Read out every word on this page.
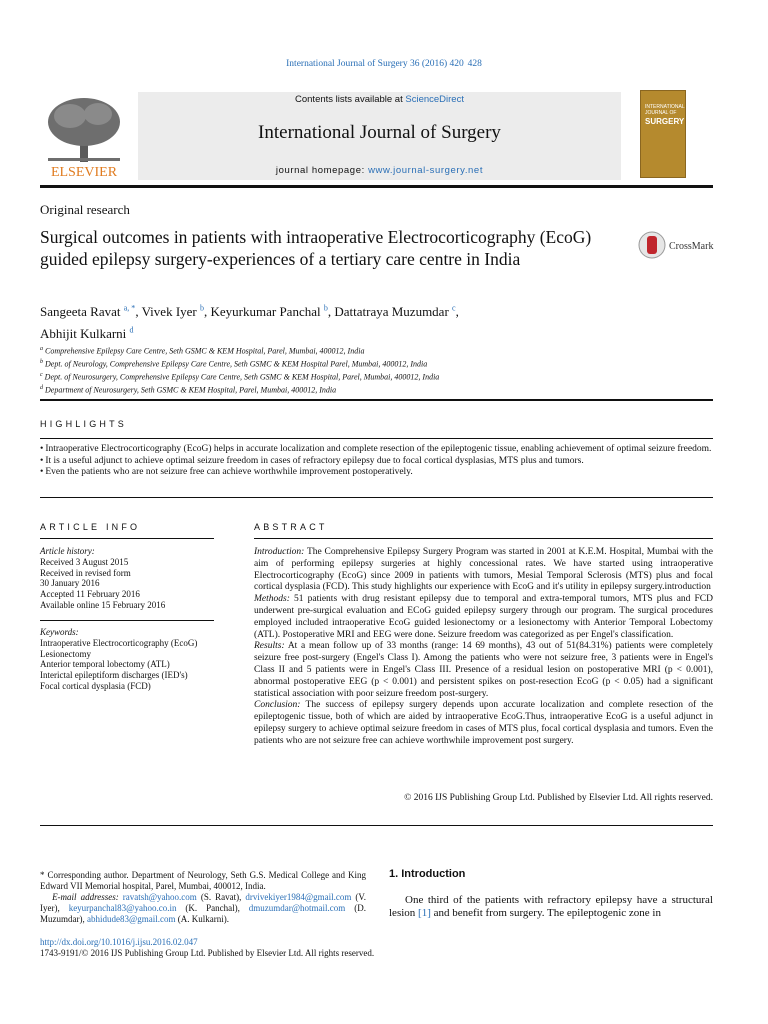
International Journal of Surgery 36 (2016) 420  428
ELSEVIER
Contents lists available at ScienceDirect
International Journal of Surgery
journal homepage: www.journal-surgery.net
INTERNATIONAL JOURNAL OF
SURGERY
Original research
Surgical outcomes in patients with intraoperative Electrocorticography (EcoG) guided epilepsy surgery-experiences of a tertiary care centre in India
CrossMark
Sangeeta Ravat $^{a, *}$, Vivek Iyer $^b$, Keyurkumar Panchal $^b$, Dattatraya Muzumdar $^c$,
Abhijit Kulkarni $^d$
$^a$ Comprehensive Epilepsy Care Centre, Seth GSMC & KEM Hospital, Parel, Mumbai, 400012, India
$^b$ Dept. of Neurology, Comprehensive Epilepsy Care Centre, Seth GSMC & KEM Hospital Parel, Mumbai, 400012, India
$^c$ Dept. of Neurosurgery, Comprehensive Epilepsy Care Centre, Seth GSMC & KEM Hospital, Parel, Mumbai, 400012, India
$^d$ Department of Neurosurgery, Seth GSMC & KEM Hospital, Parel, Mumbai, 400012, India
HIGHLIGHTS
• Intraoperative Electrocorticography (EcoG) helps in accurate localization and complete resection of the epileptogenic tissue, enabling achievement of optimal seizure freedom.
• It is a useful adjunct to achieve optimal seizure freedom in cases of refractory epilepsy due to focal cortical dysplasias, MTS plus and tumors.
• Even the patients who are not seizure free can achieve worthwhile improvement postoperatively.
ARTICLE INFO
Article history:
Received 3 August 2015
Received in revised form
30 January 2016
Accepted 11 February 2016
Available online 15 February 2016
Keywords:
Intraoperative Electrocorticography (EcoG)
Lesionectomy
Anterior temporal lobectomy (ATL)
Interictal epileptiform discharges (IED's)
Focal cortical dysplasia (FCD)
ABSTRACT
Introduction: The Comprehensive Epilepsy Surgery Program was started in 2001 at K.E.M. Hospital, Mumbai with the aim of performing epilepsy surgeries at highly concessional rates. We have started using intraoperative Electrocorticography (EcoG) since 2009 in patients with tumors, Mesial Temporal Sclerosis (MTS) plus and focal cortical dysplasia (FCD). This study highlights our experience with EcoG and it's utility in epilepsy surgery.introduction
Methods: 51 patients with drug resistant epilepsy due to temporal and extra-temporal tumors, MTS plus and FCD underwent pre-surgical evaluation and ECoG guided epilepsy surgery through our program. The surgical procedures employed included intraoperative EcoG guided lesionectomy or a lesionectomy with Anterior Temporal Lobectomy (ATL). Postoperative MRI and EEG were done. Seizure freedom was categorized as per Engel's classification.
Results: At a mean follow up of 33 months (range: 14  69 months), 43 out of 51(84.31%) patients were completely seizure free post-surgery (Engel's Class I). Among the patients who were not seizure free, 3 patients were in Engel's Class II and 5 patients were in Engel's Class III. Presence of a residual lesion on postoperative MRI (p < 0.001), abnormal postoperative EEG (p < 0.001) and persistent spikes on post-resection EcoG (p < 0.05) had a significant statistical association with poor seizure freedom post-surgery.
Conclusion: The success of epilepsy surgery depends upon accurate localization and complete resection of the epileptogenic tissue, both of which are aided by intraoperative EcoG.Thus, intraoperative EcoG is a useful adjunct in epilepsy surgery to achieve optimal seizure freedom in cases of MTS plus, focal cortical dysplasia and tumors. Even the patients who are not seizure free can achieve worthwhile improvement post surgery.
© 2016 IJS Publishing Group Ltd. Published by Elsevier Ltd. All rights reserved.
* Corresponding author. Department of Neurology, Seth G.S. Medical College and King Edward VII Memorial hospital, Parel, Mumbai, 400012, India.
E-mail addresses: ravatsh@yahoo.com (S. Ravat), drvivekiyer1984@gmail.com (V. Iyer), keyurpanchal83@yahoo.co.in (K. Panchal), dmuzumdar@hotmail.com (D. Muzumdar), abhidude83@gmail.com (A. Kulkarni).
1. Introduction
One third of the patients with refractory epilepsy have a structural lesion [1] and benefit from surgery. The epileptogenic zone in
http://dx.doi.org/10.1016/j.ijsu.2016.02.047
1743-9191/© 2016 IJS Publishing Group Ltd. Published by Elsevier Ltd. All rights reserved.
